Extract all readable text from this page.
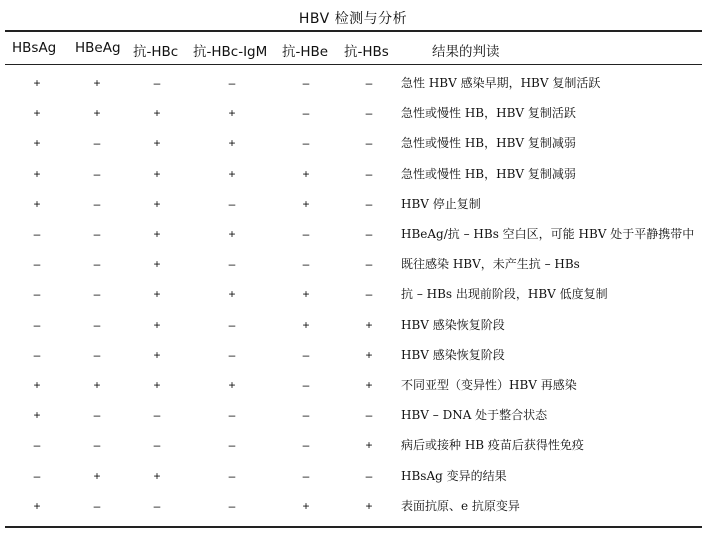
HBV 检测与分析
HBsAg HBeAg 抗-HBc 抗-HBc-IgM 抗-HBe 抗-HBs	结果的判读
+	+	–	–	–	–	急性 HBV 感染早期，HBV 复制活跃
+	+	+	+	–	–	急性或慢性 HB，HBV 复制活跃
+	–	+	+	–	–	急性或慢性 HB，HBV 复制减弱
+	–	+	+	+	–	急性或慢性 HB，HBV 复制减弱
+	–	+	–	+	–	HBV 停止复制
–	–	+	+	–	–	HBeAg/抗 – HBs 空白区，可能 HBV 处于平静携带中
–	–	+	–	–	–	既往感染 HBV，未产生抗 – HBs
–	–	+	+	+	–	抗 – HBs 出现前阶段，HBV 低度复制
–	–	+	–	+	+	HBV 感染恢复阶段
–	–	+	–	–	+	HBV 感染恢复阶段
+	+	+	+	–	+	不同亚型（变异性）HBV 再感染
+	–	–	–	–	–	HBV – DNA 处于整合状态
–	–	–	–	–	+	病后或接种 HB 疫苗后获得性免疫
–	+	+	–	–	–	HBsAg 变异的结果
+	–	–	–	+	+	表面抗原、e 抗原变异
